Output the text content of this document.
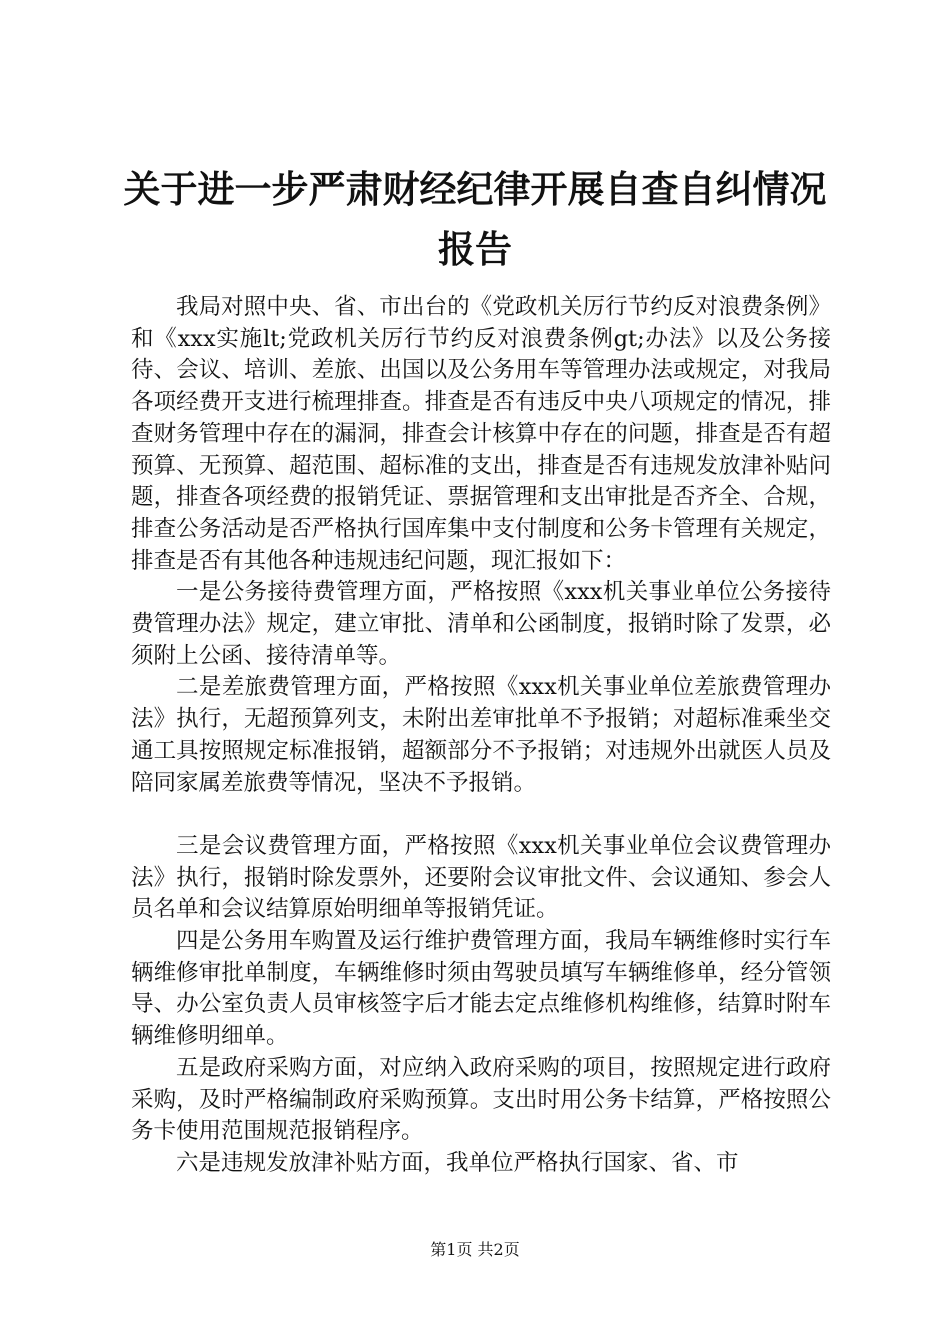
关于进一步严肃财经纪律开展自查自纠情况报告

我局对照中央、省、市出台的《党政机关厉行节约反对浪费条例》和《xxx实施lt;党政机关厉行节约反对浪费条例gt;办法》以及公务接待、会议、培训、差旅、出国以及公务用车等管理办法或规定，对我局各项经费开支进行梳理排查。排查是否有违反中央八项规定的情况，排查财务管理中存在的漏洞，排查会计核算中存在的问题，排查是否有超预算、无预算、超范围、超标准的支出，排查是否有违规发放津补贴问题，排查各项经费的报销凭证、票据管理和支出审批是否齐全、合规，排查公务活动是否严格执行国库集中支付制度和公务卡管理有关规定，排查是否有其他各种违规违纪问题，现汇报如下：

一是公务接待费管理方面，严格按照《xxx机关事业单位公务接待费管理办法》规定，建立审批、清单和公函制度，报销时除了发票，必须附上公函、接待清单等。

二是差旅费管理方面，严格按照《xxx机关事业单位差旅费管理办法》执行，无超预算列支，未附出差审批单不予报销；对超标准乘坐交通工具按照规定标准报销，超额部分不予报销；对违规外出就医人员及陪同家属差旅费等情况，坚决不予报销。

三是会议费管理方面，严格按照《xxx机关事业单位会议费管理办法》执行，报销时除发票外，还要附会议审批文件、会议通知、参会人员名单和会议结算原始明细单等报销凭证。

四是公务用车购置及运行维护费管理方面，我局车辆维修时实行车辆维修审批单制度，车辆维修时须由驾驶员填写车辆维修单，经分管领导、办公室负责人员审核签字后才能去定点维修机构维修，结算时附车辆维修明细单。

五是政府采购方面，对应纳入政府采购的项目，按照规定进行政府采购，及时严格编制政府采购预算。支出时用公务卡结算，严格按照公务卡使用范围规范报销程序。

六是违规发放津补贴方面，我单位严格执行国家、省、市

第1页 共2页
